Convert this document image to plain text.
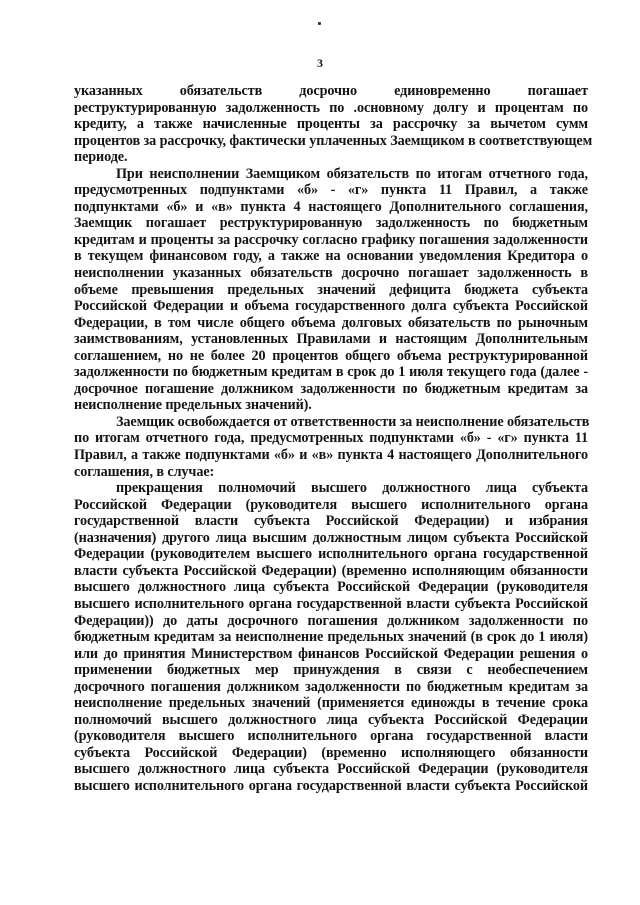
3
указанных обязательств досрочно единовременно погашает
реструктурированную задолженность по .основному долгу и процентам по
кредиту, а также начисленные проценты за рассрочку за вычетом сумм
процентов за рассрочку, фактически уплаченных Заемщиком в соответствующем
периоде.
При неисполнении Заемщиком обязательств по итогам отчетного года,
предусмотренных подпунктами «б» - «г» пункта 11 Правил, а также
подпунктами «б» и «в» пункта 4 настоящего Дополнительного соглашения,
Заемщик погашает реструктурированную задолженность по бюджетным
кредитам и проценты за рассрочку согласно графику погашения задолженности
в текущем финансовом году, а также на основании уведомления Кредитора о
неисполнении указанных обязательств досрочно погашает задолженность в
объеме превышения предельных значений дефицита бюджета субъекта
Российской Федерации и объема государственного долга субъекта Российской
Федерации, в том числе общего объема долговых обязательств по рыночным
заимствованиям, установленных Правилами и настоящим Дополнительным
соглашением, но не более 20 процентов общего объема реструктурированной
задолженности по бюджетным кредитам в срок до 1 июля текущего года (далее -
досрочное погашение должником задолженности по бюджетным кредитам за
неисполнение предельных значений).
Заемщик освобождается от ответственности за неисполнение обязательств
по итогам отчетного года, предусмотренных подпунктами «б» - «г» пункта 11
Правил, а также подпунктами «б» и «в» пункта 4 настоящего Дополнительного
соглашения, в случае:
прекращения полномочий высшего должностного лица субъекта
Российской Федерации (руководителя высшего исполнительного органа
государственной власти субъекта Российской Федерации) и избрания
(назначения) другого лица высшим должностным лицом субъекта Российской
Федерации (руководителем высшего исполнительного органа государственной
власти субъекта Российской Федерации) (временно исполняющим обязанности
высшего должностного лица субъекта Российской Федерации (руководителя
высшего исполнительного органа государственной власти субъекта Российской
Федерации)) до даты досрочного погашения должником задолженности по
бюджетным кредитам за неисполнение предельных значений (в срок до 1 июля)
или до принятия Министерством финансов Российской Федерации решения о
применении бюджетных мер принуждения в связи с необеспечением
досрочного погашения должником задолженности по бюджетным кредитам за
неисполнение предельных значений (применяется единожды в течение срока
полномочий высшего должностного лица субъекта Российской Федерации
(руководителя высшего исполнительного органа государственной власти
субъекта Российской Федерации) (временно исполняющего обязанности
высшего должностного лица субъекта Российской Федерации (руководителя
высшего исполнительного органа государственной власти субъекта Российской
